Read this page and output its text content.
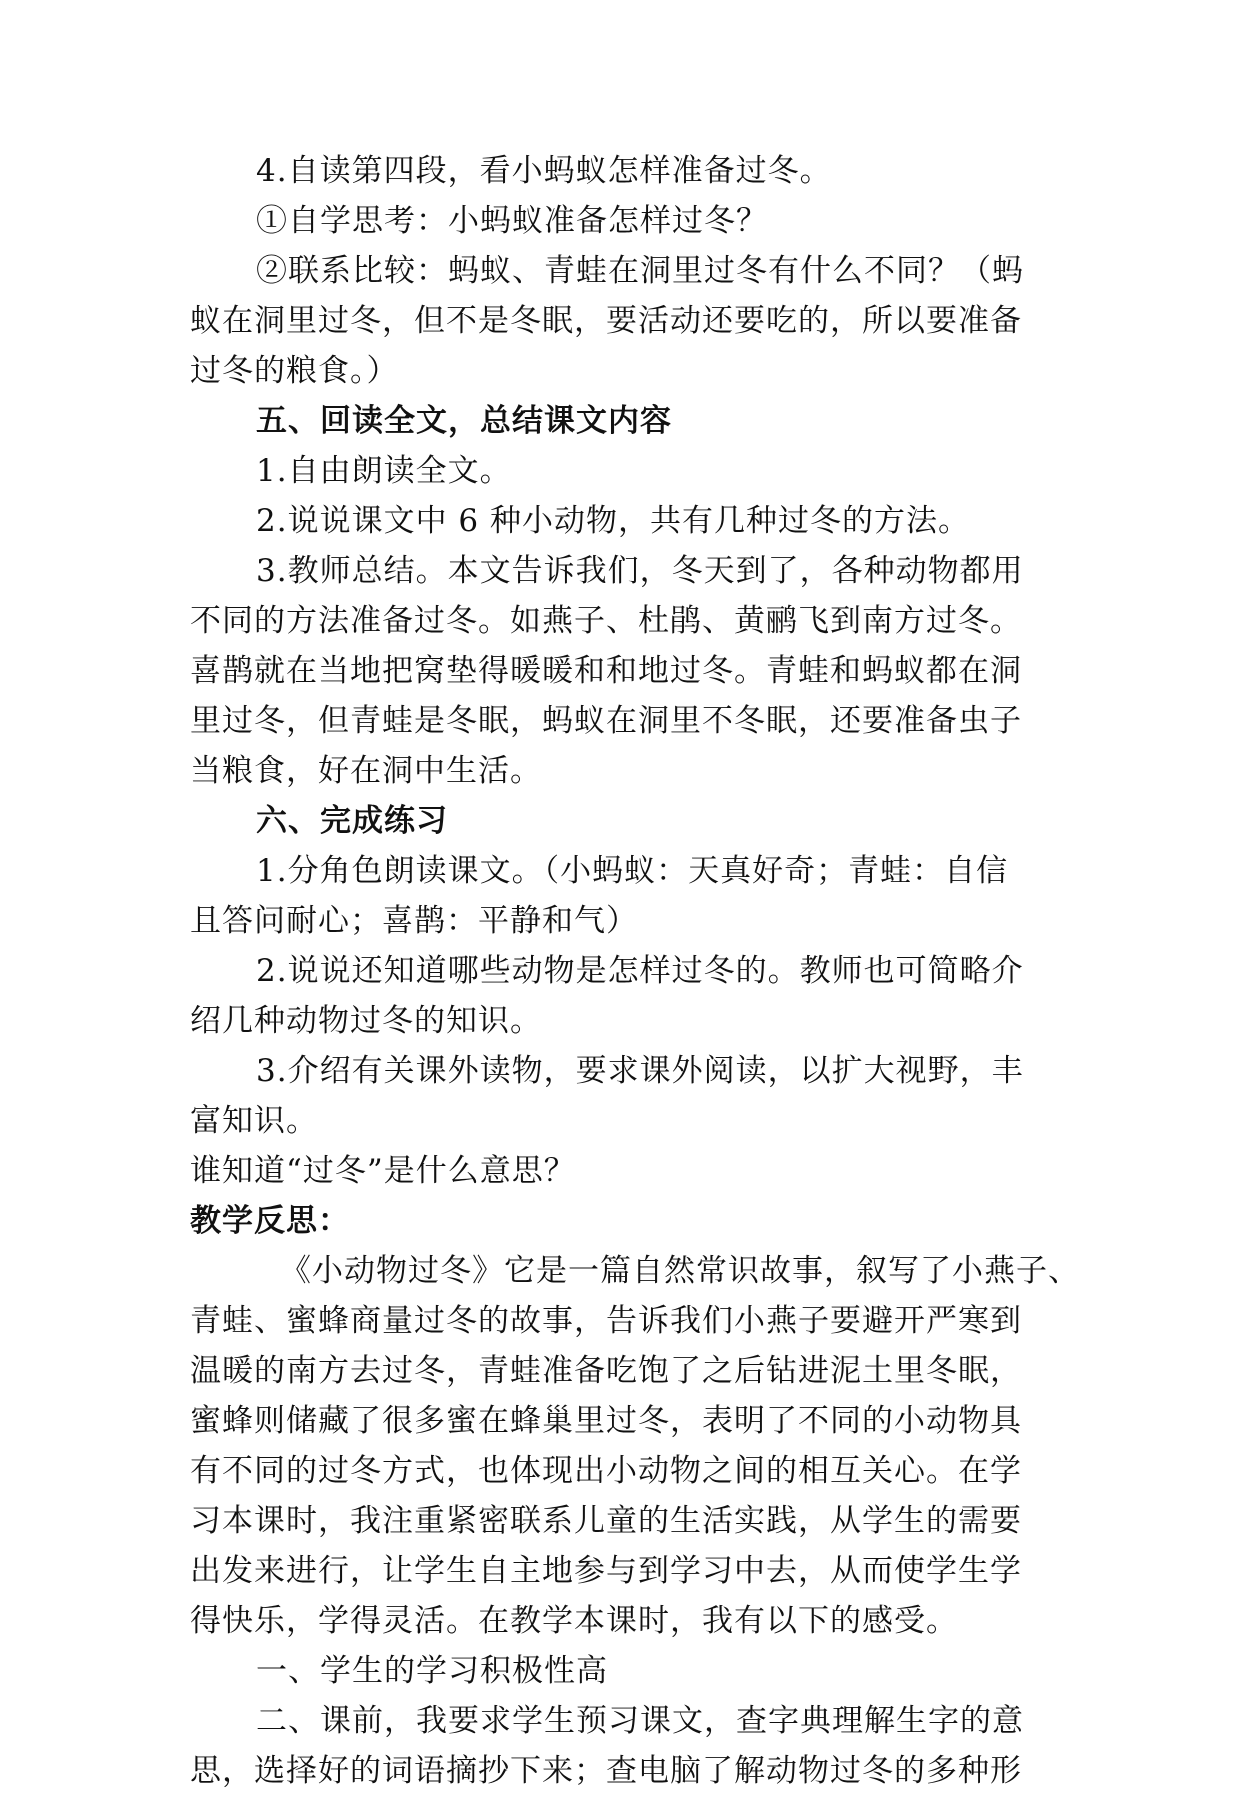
4.自读第四段，看小蚂蚁怎样准备过冬。
①自学思考：小蚂蚁准备怎样过冬？
②联系比较：蚂蚁、青蛙在洞里过冬有什么不同？（蚂
蚁在洞里过冬，但不是冬眠，要活动还要吃的，所以要准备
过冬的粮食。）
五、回读全文，总结课文内容
1.自由朗读全文。
2.说说课文中 6 种小动物，共有几种过冬的方法。
3.教师总结。本文告诉我们，冬天到了，各种动物都用
不同的方法准备过冬。如燕子、杜鹃、黄鹂飞到南方过冬。
喜鹊就在当地把窝垫得暖暖和和地过冬。青蛙和蚂蚁都在洞
里过冬，但青蛙是冬眠，蚂蚁在洞里不冬眠，还要准备虫子
当粮食，好在洞中生活。
六、完成练习
1.分角色朗读课文。（小蚂蚁：天真好奇；青蛙：自信
且答问耐心；喜鹊：平静和气）
2.说说还知道哪些动物是怎样过冬的。教师也可简略介
绍几种动物过冬的知识。
3.介绍有关课外读物，要求课外阅读，以扩大视野，丰
富知识。
谁知道“过冬”是什么意思？
教学反思：
《小动物过冬》它是一篇自然常识故事，叙写了小燕子、
青蛙、蜜蜂商量过冬的故事，告诉我们小燕子要避开严寒到
温暖的南方去过冬，青蛙准备吃饱了之后钻进泥土里冬眠，
蜜蜂则储藏了很多蜜在蜂巢里过冬，表明了不同的小动物具
有不同的过冬方式，也体现出小动物之间的相互关心。在学
习本课时，我注重紧密联系儿童的生活实践，从学生的需要
出发来进行，让学生自主地参与到学习中去，从而使学生学
得快乐，学得灵活。在教学本课时，我有以下的感受。
一、学生的学习积极性高
二、课前，我要求学生预习课文，查字典理解生字的意
思，选择好的词语摘抄下来；查电脑了解动物过冬的多种形
